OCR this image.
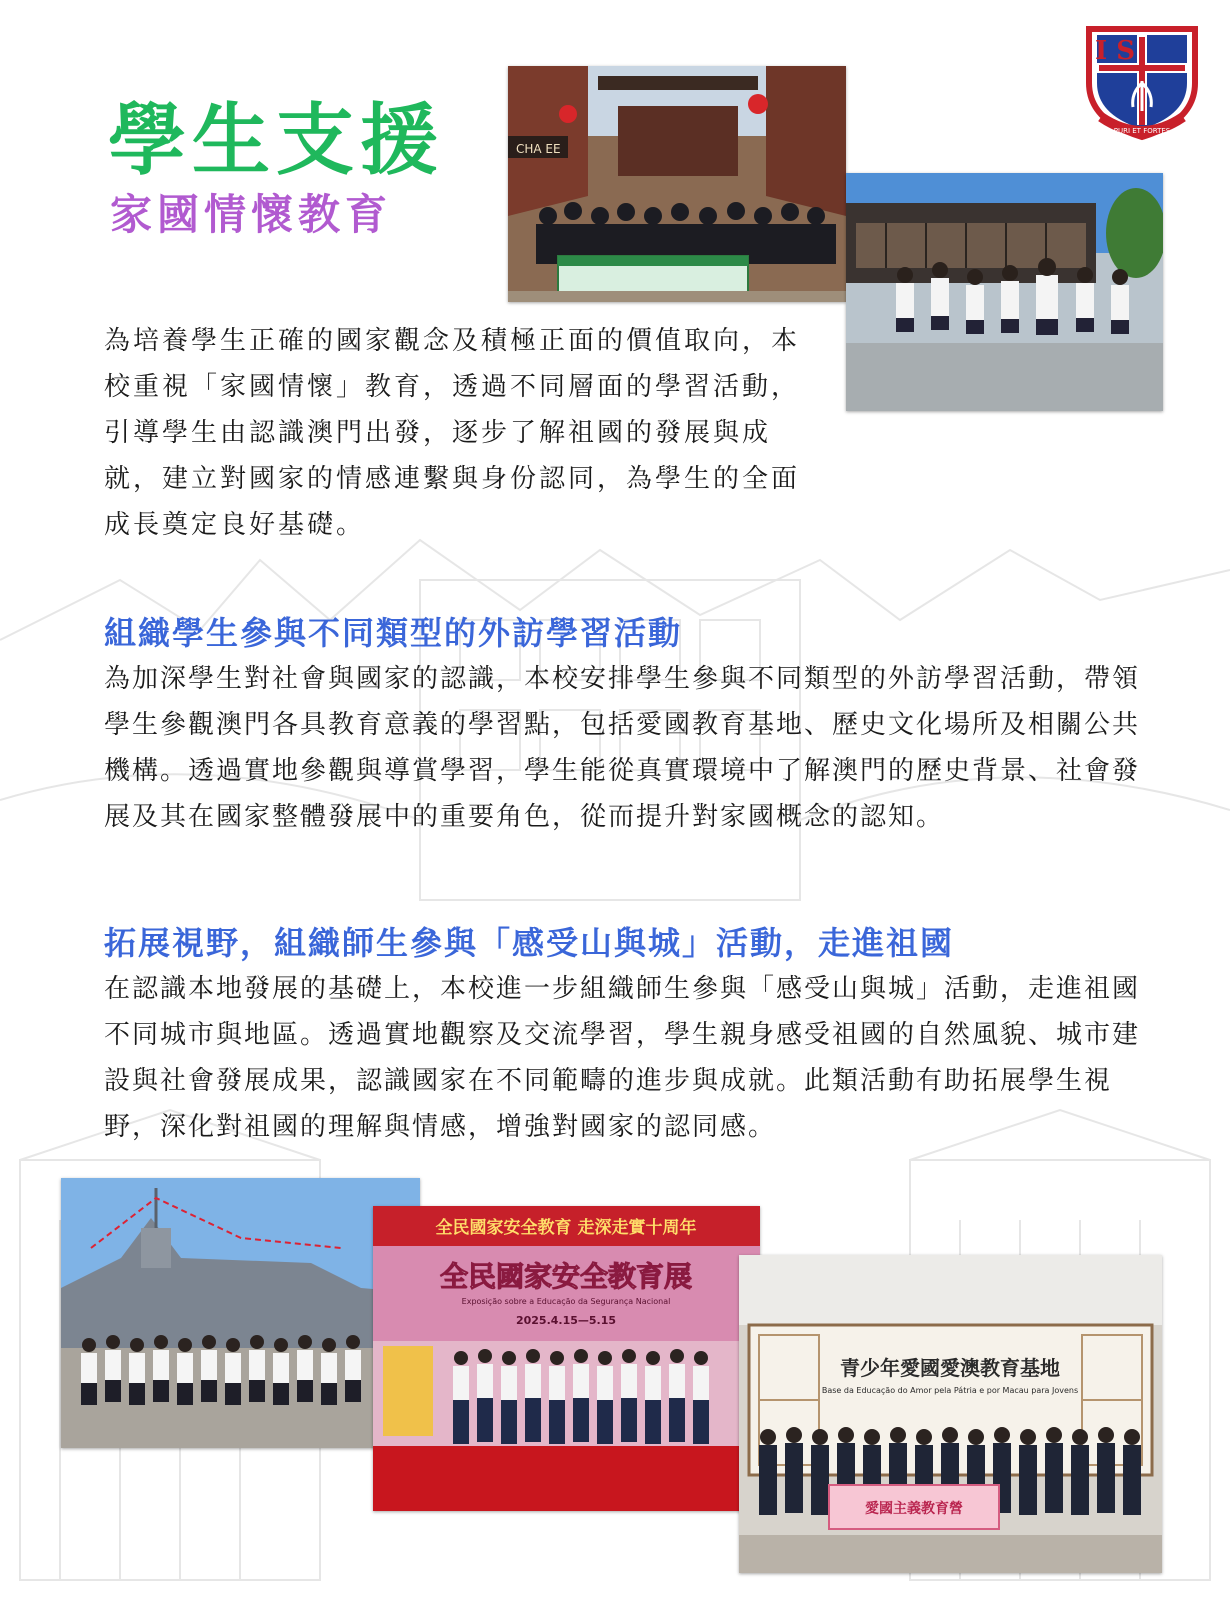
學生支援
家國情懷教育
I S
PURI ET FORTES
CHA EE

為培養學生正確的國家觀念及積極正面的價值取向，本校重視「家國情懷」教育，透過不同層面的學習活動，引導學生由認識澳門出發，逐步了解祖國的發展與成就，建立對國家的情感連繫與身份認同，為學生的全面成長奠定良好基礎。

組織學生參與不同類型的外訪學習活動

為加深學生對社會與國家的認識，本校安排學生參與不同類型的外訪學習活動，帶領學生參觀澳門各具教育意義的學習點，包括愛國教育基地、歷史文化場所及相關公共機構。透過實地參觀與導賞學習，學生能從真實環境中了解澳門的歷史背景、社會發展及其在國家整體發展中的重要角色，從而提升對家國概念的認知。

拓展視野，組織師生參與「感受山與城」活動，走進祖國

在認識本地發展的基礎上，本校進一步組織師生參與「感受山與城」活動，走進祖國不同城市與地區。透過實地觀察及交流學習，學生親身感受祖國的自然風貌、城市建設與社會發展成果，認識國家在不同範疇的進步與成就。此類活動有助拓展學生視野，深化對祖國的理解與情感，增強對國家的認同感。

全民國家安全教育 走深走實十周年
全民國家安全教育展
Exposição sobre a Educação da Segurança Nacional
2025.4.15—5.15
青少年愛國愛澳教育基地
Base da Educação do Amor pela Pátria e por Macau para Jovens
愛國主義教育營
